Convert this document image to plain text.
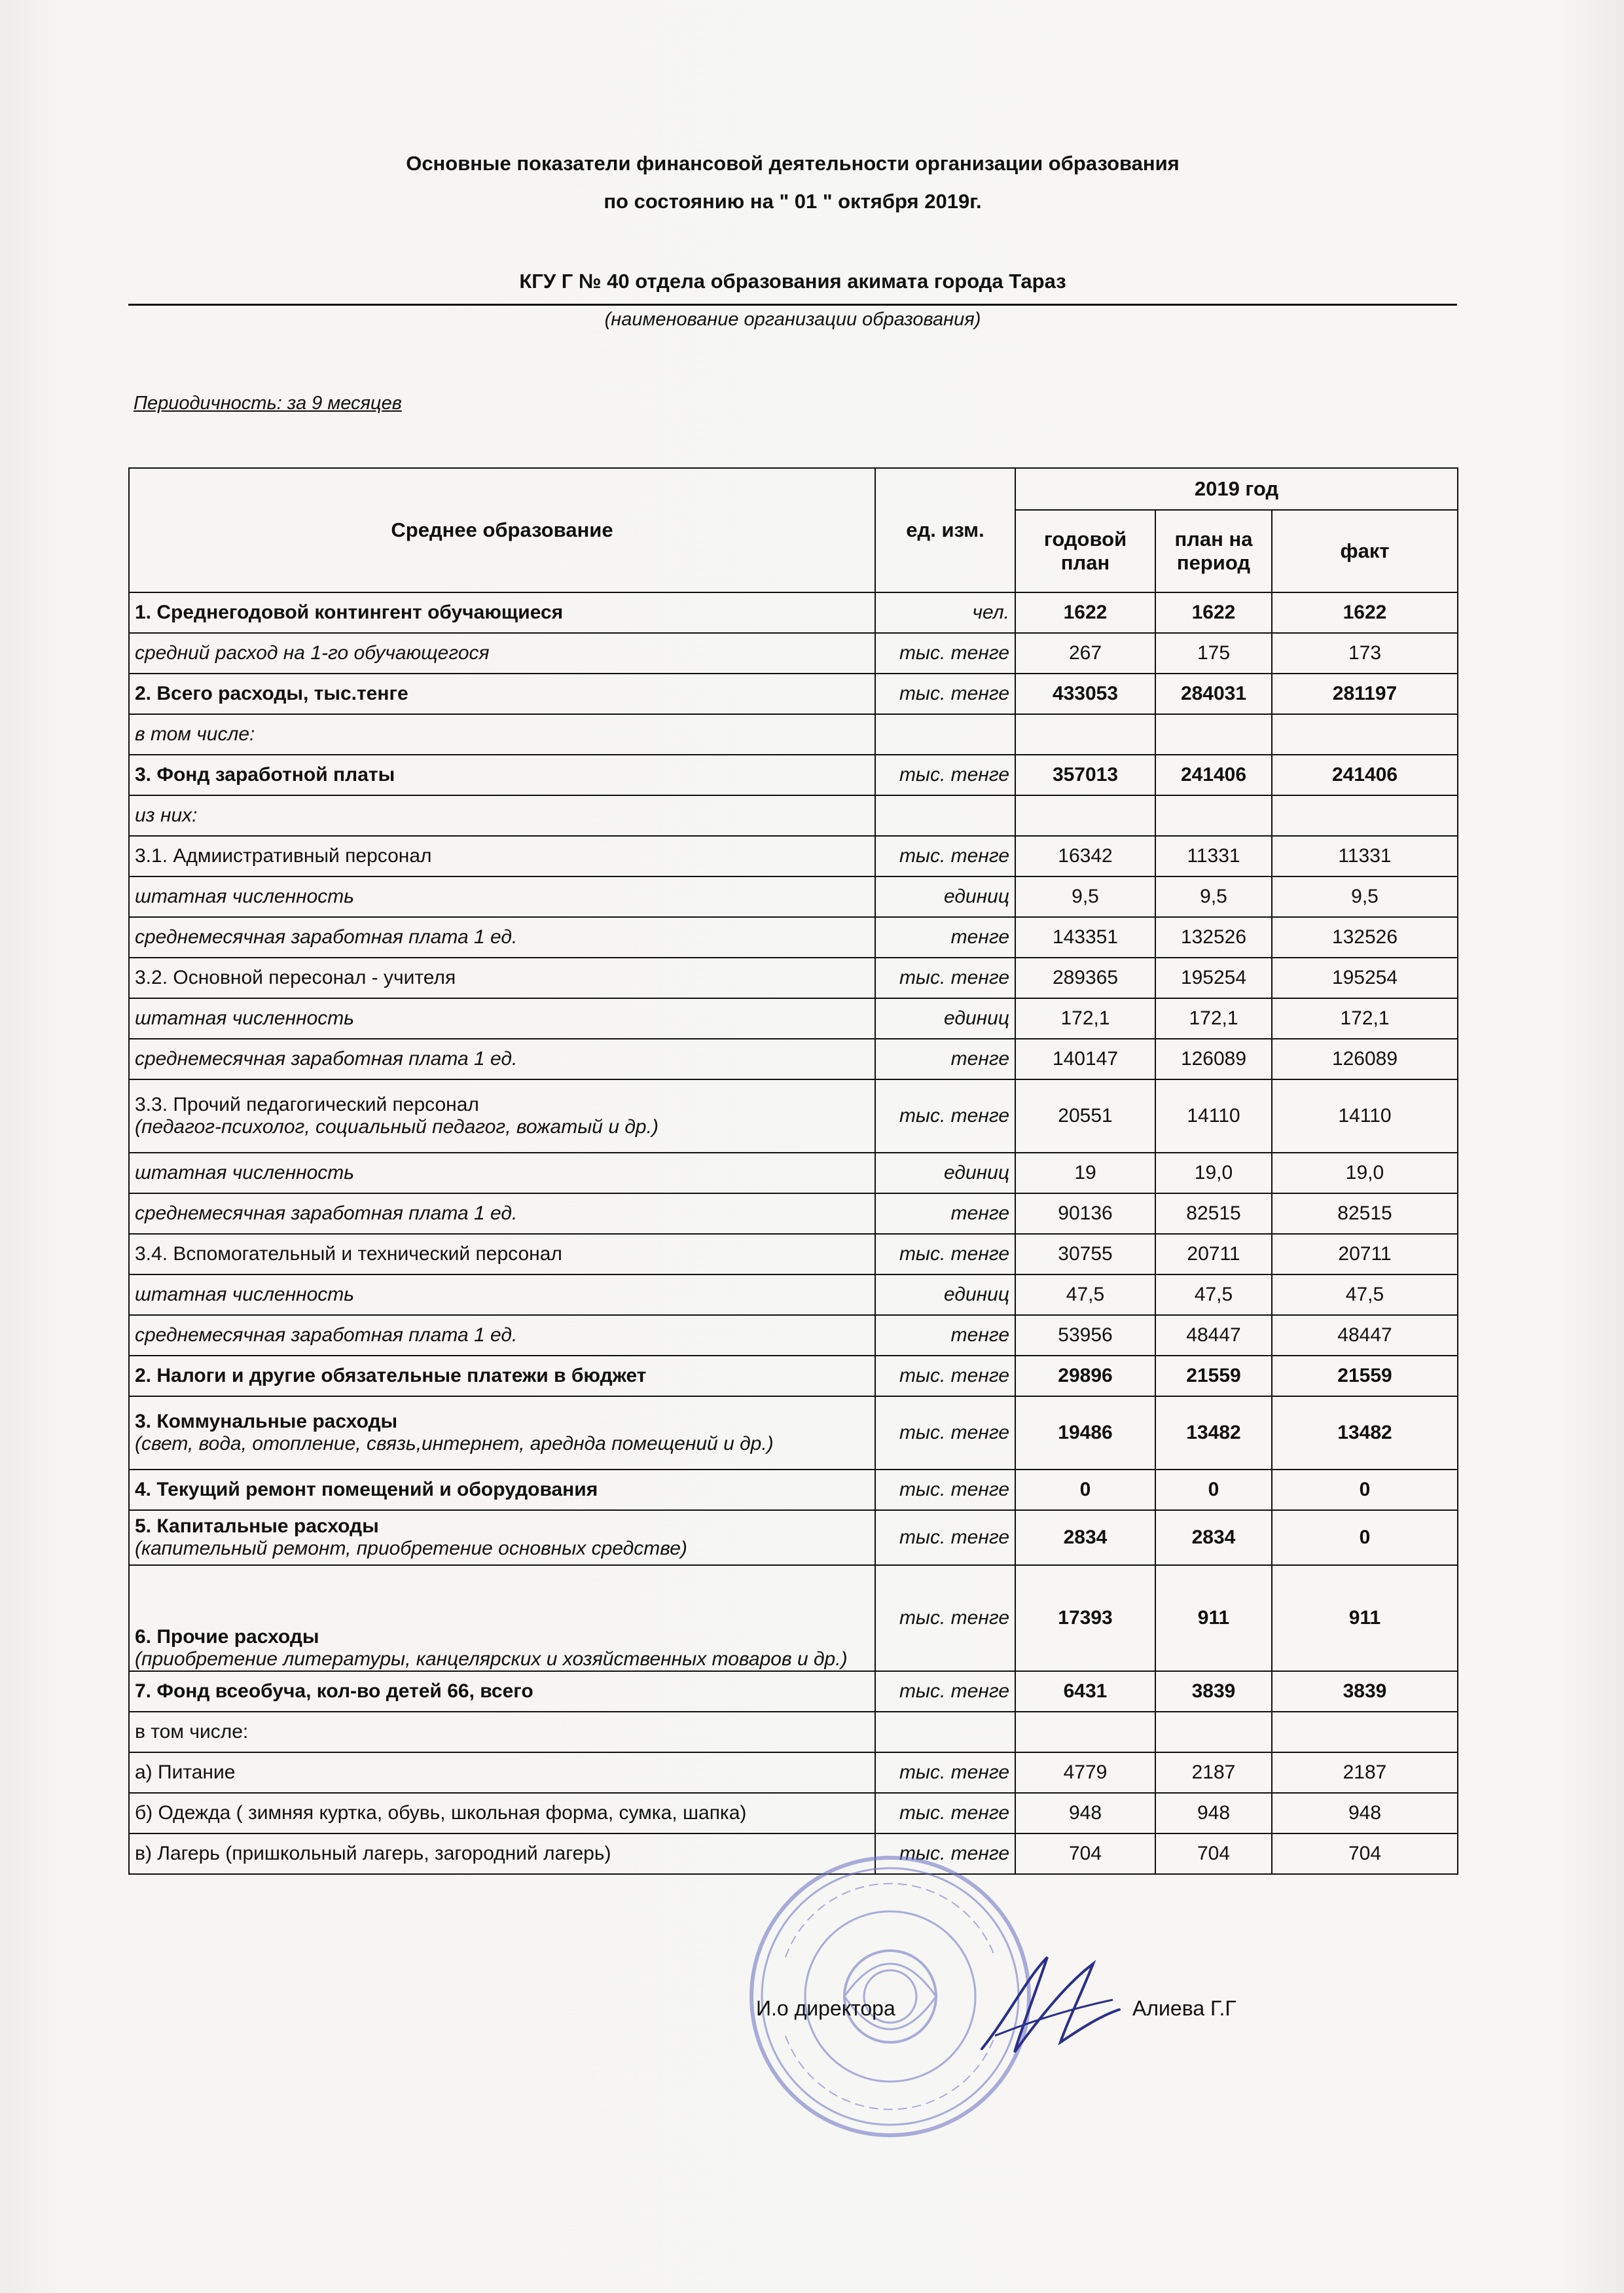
Основные показатели финансовой деятельности организации образования
по состоянию на " 01 " октября 2019г.
КГУ Г № 40 отдела образования акимата города Тараз
(наименование организации образования)
Периодичность: за 9 месяцев
Среднее образование	ед. изм.	2019 год		
		годовой план	план на период	факт

1. Среднегодовой контингент обучающиеся	чел.	1622	1622	1622

средний расход на 1-го обучающегося	тыс. тенге	267	175	173

2. Всего расходы, тыс.тенге	тыс. тенге	433053	284031	281197

в том числе:				

3. Фонд заработной платы	тыс. тенге	357013	241406	241406

из них:				

3.1. Адмиистративный персонал	тыс. тенге	16342	11331	11331

штатная численность	единиц	9,5	9,5	9,5

среднемесячная заработная плата 1 ед.	тенге	143351	132526	132526

3.2. Основной пересонал - учителя	тыс. тенге	289365	195254	195254

штатная численность	единиц	172,1	172,1	172,1

среднемесячная заработная плата 1 ед.	тенге	140147	126089	126089

3.3. Прочий педагогический персонал
(педагог-психолог, социальный педагог, вожатый и др.)	тыс. тенге	20551	14110	14110

штатная численность	единиц	19	19,0	19,0

среднемесячная заработная плата 1 ед.	тенге	90136	82515	82515

3.4. Вспомогательный и технический персонал	тыс. тенге	30755	20711	20711

штатная численность	единиц	47,5	47,5	47,5

среднемесячная заработная плата 1 ед.	тенге	53956	48447	48447

2. Налоги и другие обязательные платежи в бюджет	тыс. тенге	29896	21559	21559

3. Коммунальные расходы
(свет, вода, отопление, связь,интернет, ареднда помещений и др.)	тыс. тенге	19486	13482	13482

4. Текущий ремонт помещений и оборудования	тыс. тенге	0	0	0

5. Капитальные расходы
(капительный ремонт, приобретение основных средстве)	тыс. тенге	2834	2834	0

6. Прочие расходы
(приобретение литературы, канцелярских и хозяйственных товаров и др.)	тыс. тенге	17393	911	911

7. Фонд всеобуча, кол-во детей 66, всего	тыс. тенге	6431	3839	3839

в том числе:				

а) Питание	тыс. тенге	4779	2187	2187

б) Одежда ( зимняя куртка, обувь, школьная форма, сумка, шапка)	тыс. тенге	948	948	948

в) Лагерь (пришкольный лагерь, загородний лагерь)	тыс. тенге	704	704	704
И.о директора	Алиева Г.Г
